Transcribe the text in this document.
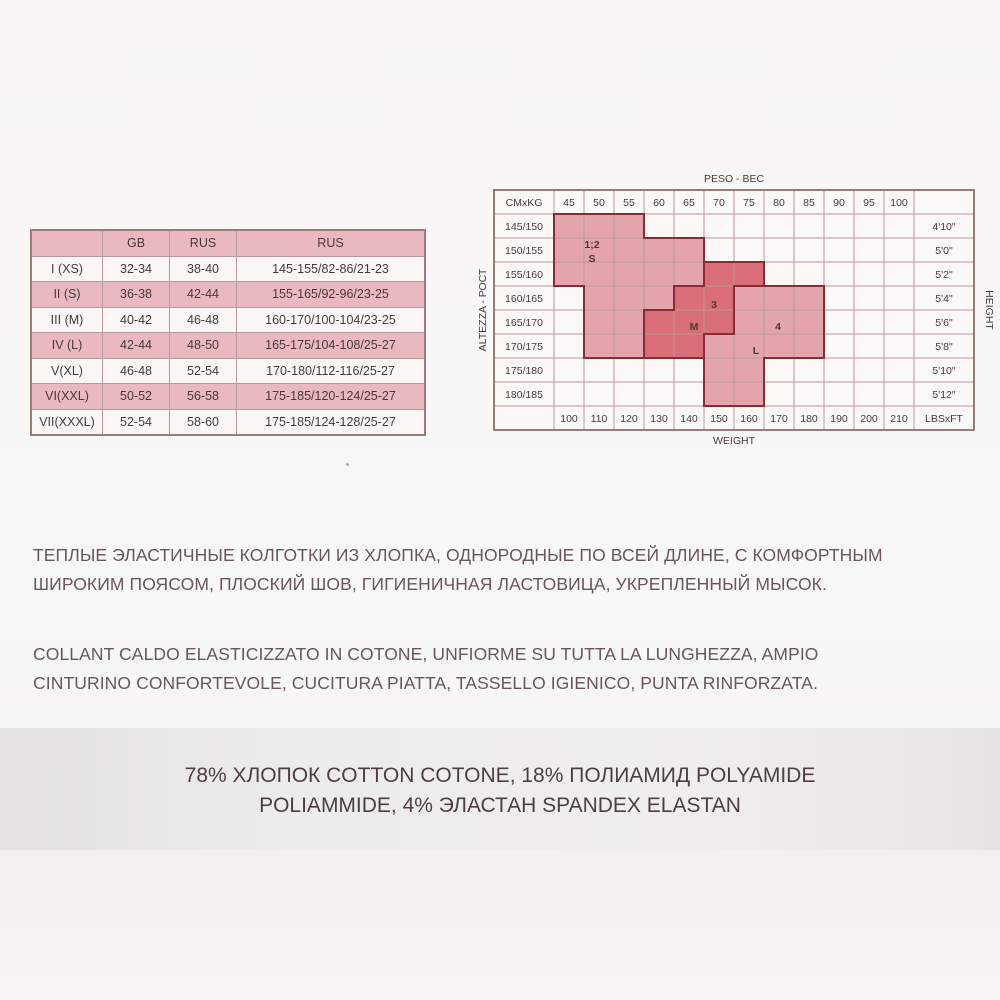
	GB	RUS	RUS
I (XS)	32-34	38-40	145-155/82-86/21-23
II (S)	36-38	42-44	155-165/92-96/23-25
III (M)	40-42	46-48	160-170/100-104/23-25
IV (L)	42-44	48-50	165-175/104-108/25-27
V(XL)	46-48	52-54	170-180/112-116/25-27
VI(XXL)	50-52	56-58	175-185/120-124/25-27
VII(XXXL)	52-54	58-60	175-185/124-128/25-27
CMxKG
LBSxFT
45 50 55 60 65 70 75 80 85 90 95 100
100 110 120 130 140 150 160 170 180 190 200 210
145/150
150/155
155/160
160/165
165/170
170/175
175/180
180/185
4'10"
5'0"
5'2"
5'4"
5'6"
5'8"
5'10"
5'12"
PESO - ВЕС
WEIGHT
ALTEZZA - РОСТ	HEIGHT
1;2
S
3
M	4
L

ТЕПЛЫЕ ЭЛАСТИЧНЫЕ КОЛГОТКИ ИЗ ХЛОПКА, ОДНОРОДНЫЕ ПО ВСЕЙ ДЛИНЕ, С КОМФОРТНЫМ

ШИРОКИМ ПОЯСОМ, ПЛОСКИЙ ШОВ, ГИГИЕНИЧНАЯ ЛАСТОВИЦА, УКРЕПЛЕННЫЙ МЫСОК.

COLLANT CALDO ELASTICIZZATO IN COTONE, UNFIORME SU TUTTA LA LUNGHEZZA, AMPIO

CINTURINO CONFORTEVOLE, CUCITURA PIATTA, TASSELLO IGIENICO, PUNTA RINFORZATA.

78% ХЛОПОК COTTON COTONE, 18% ПОЛИАМИД POLYAMIDE

POLIAMMIDE, 4% ЭЛАСТАН SPANDEX ELASTAN
